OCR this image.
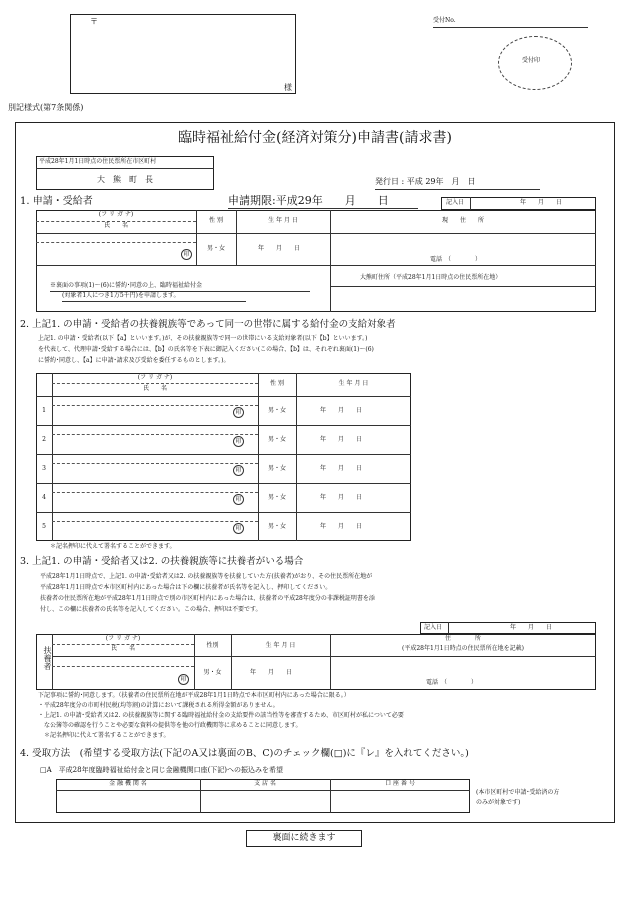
〒
様
受付No.
受付印
別記様式(第7条関係)
臨時福祉給付金(経済対策分)申請書(請求書)
平成28年1月1日時点の住民票所在市区町村
大　熊　町　長	発行日 : 平成 29年　月　日
1. 申請・受給者	申請期限:平成29年　　月　　日	記入日	年　　月　　日
(フ リ ガ ナ)
氏　　名
性 別	生 年 月 日	現　　住　　所
印
男・女	年　　月　　日
電話　（　　　　）
大熊町住所（平成28年1月1日時点の住民票所在地）
※裏面の事項(1)～(6)に誓約･同意の上、臨時福祉給付金
(対象者1人につき1万5千円)を申請します。
2. 上記1. の申請・受給者の扶養親族等であって同一の世帯に属する給付金の支給対象者
上記1. の申請・受給者(以下【a】といいます。)が、その扶養親族等で同一の世帯にいる支給対象者(以下【b】といいます。)
を代表して、代理申請･受給する場合には、【b】の氏名等を下表に御記入ください(この場合、【b】は、それぞれ裏面(1)～(6)
に誓約･同意し、【a】に申請･請求及び受給を委任するものとします。)。
(フ リ ガ ナ)
氏　　名
性 別	生 年 月 日
1	印	男・女	年　　月　　日
2	印	男・女	年　　月　　日
3	印	男・女	年　　月　　日
4	印	男・女	年　　月　　日
5	印	男・女	年　　月　　日
＊記名押印に代えて署名することができます。
3. 上記1. の申請・受給者又は2. の扶養親族等に扶養者がいる場合
平成28年1月1日時点で、上記1. の申請･受給者又は2. の扶養親族等を扶養していた方(扶養者)がおり、その住民票所在地が
平成28年1月1日時点で本市区町村内にあった場合は下の欄に扶養者が氏名等を記入し、押印してください。
扶養者の住民票所在地が平成28年1月1日時点で別の市区町村内にあった場合は、扶養者の平成28年度分の非課税証明書を添
付し、この欄に扶養者の氏名等を記入してください。この場合、押印は不要です。
記入日	年　　月　　日
扶養者
(フ リ ガ ナ)
氏　　名	性別	生 年 月 日
住　　　　所
(平成28年1月1日時点の住民票所在地を記載)
印
男・女	年　　月　　日
電話　（　　　　）
下記事項に誓約･同意します。（扶養者の住民票所在地が平成28年1月1日時点で本市区町村内にあった場合に限る。）
・平成28年度分の市町村民税(均等割)の計算において課税される所得金額がありません。
・上記1. の申請･受給者又は2. の扶養親族等に関する臨時福祉給付金の支給要件の該当性等を審査するため、市区町村が私について必要
な公簿等の確認を行うことや必要な資料の提供等を他の行政機関等に求めることに同意します。
＊記名押印に代えて署名することができます。
4. 受取方法　(希望する受取方法(下記のA又は裏面のB、C)のチェック欄(□)に『レ』を入れてください。)
□A　平成28年度臨時福祉給付金と同じ金融機関口座(下記)への振込みを希望
金 融 機 関 名	支 店 名	口 座 番 号
(本市区町村で申請･受給済の方
のみが対象です)
裏面に続きます
